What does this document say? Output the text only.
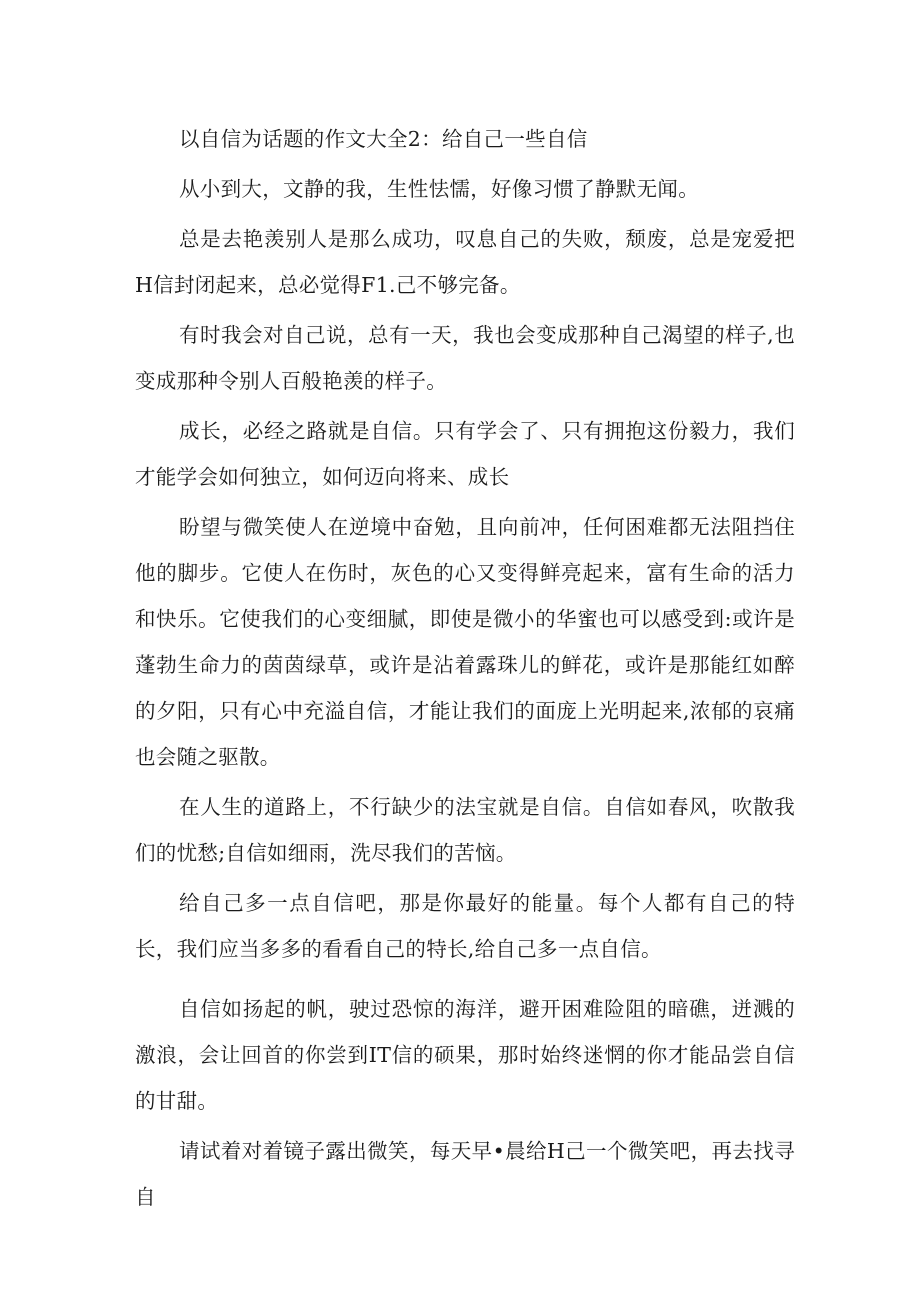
以自信为话题的作文大全2：给自己一些自信

从小到大，文静的我，生性怯懦，好像习惯了静默无闻。

总是去艳羡别人是那么成功，叹息自己的失败，颓废，总是宠爱把H信封闭起来，总必觉得F1.己不够完备。

有时我会对自己说，总有一天，我也会变成那种自己渴望的样子,也变成那种令别人百般艳羡的样子。

成长，必经之路就是自信。只有学会了、只有拥抱这份毅力，我们才能学会如何独立，如何迈向将来、成长

盼望与微笑使人在逆境中奋勉，且向前冲，任何困难都无法阻挡住他的脚步。它使人在伤时，灰色的心又变得鲜亮起来，富有生命的活力和快乐。它使我们的心变细腻，即使是微小的华蜜也可以感受到:或许是蓬勃生命力的茵茵绿草，或许是沾着露珠儿的鲜花，或许是那能红如醉的夕阳，只有心中充溢自信，才能让我们的面庞上光明起来,浓郁的哀痛也会随之驱散。

在人生的道路上，不行缺少的法宝就是自信。自信如春风，吹散我们的忧愁;自信如细雨，洗尽我们的苦恼。

给自己多一点自信吧，那是你最好的能量。每个人都有自己的特长，我们应当多多的看看自己的特长,给自己多一点自信。

自信如扬起的帆，驶过恐惊的海洋，避开困难险阻的暗礁，迸溅的激浪，会让回首的你尝到IT信的硕果，那时始终迷惘的你才能品尝自信的甘甜。

请试着对着镜子露出微笑，每天早•晨给H己一个微笑吧，再去找寻自
